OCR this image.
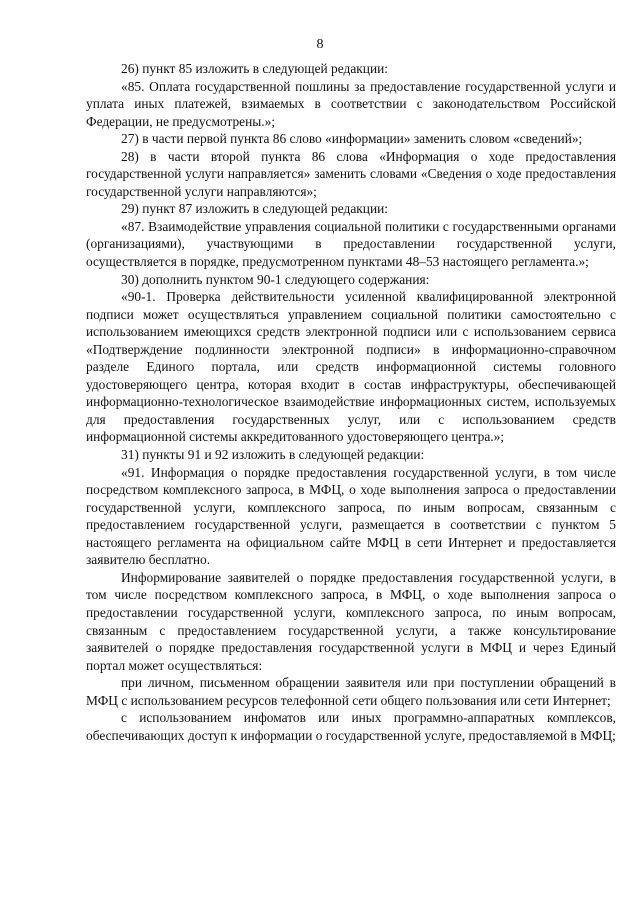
8

26) пункт 85 изложить в следующей редакции:

«85. Оплата государственной пошлины за предоставление государственной услуги и уплата иных платежей, взимаемых в соответствии с законодательством Российской Федерации, не предусмотрены.»;

27) в части первой пункта 86 слово «информации» заменить словом «сведений»;

28) в части второй пункта 86 слова «Информация о ходе предоставления государственной услуги направляется» заменить словами «Сведения о ходе предоставления государственной услуги направляются»;

29) пункт 87 изложить в следующей редакции:

«87. Взаимодействие управления социальной политики с государственными органами (организациями), участвующими в предоставлении государственной услуги, осуществляется в порядке, предусмотренном пунктами 48–53 настоящего регламента.»;

30) дополнить пунктом 90-1 следующего содержания:

«90-1. Проверка действительности усиленной квалифицированной электронной подписи может осуществляться управлением социальной политики самостоятельно с использованием имеющихся средств электронной подписи или с использованием сервиса «Подтверждение подлинности электронной подписи» в информационно-справочном разделе Единого портала, или средств информационной системы головного удостоверяющего центра, которая входит в состав инфраструктуры, обеспечивающей информационно-технологическое взаимодействие информационных систем, используемых для предоставления государственных услуг, или с использованием средств информационной системы аккредитованного удостоверяющего центра.»;

31) пункты 91 и 92 изложить в следующей редакции:

«91. Информация о порядке предоставления государственной услуги, в том числе посредством комплексного запроса, в МФЦ, о ходе выполнения запроса о предоставлении государственной услуги, комплексного запроса, по иным вопросам, связанным с предоставлением государственной услуги, размещается в соответствии с пунктом 5 настоящего регламента на официальном сайте МФЦ в сети Интернет и предоставляется заявителю бесплатно.

Информирование заявителей о порядке предоставления государственной услуги, в том числе посредством комплексного запроса, в МФЦ, о ходе выполнения запроса о предоставлении государственной услуги, комплексного запроса, по иным вопросам, связанным с предоставлением государственной услуги, а также консультирование заявителей о порядке предоставления государственной услуги в МФЦ и через Единый портал может осуществляться:

при личном, письменном обращении заявителя или при поступлении обращений в МФЦ с использованием ресурсов телефонной сети общего пользования или сети Интернет;

с использованием инфоматов или иных программно-аппаратных комплексов, обеспечивающих доступ к информации о государственной услуге, предоставляемой в МФЦ;
